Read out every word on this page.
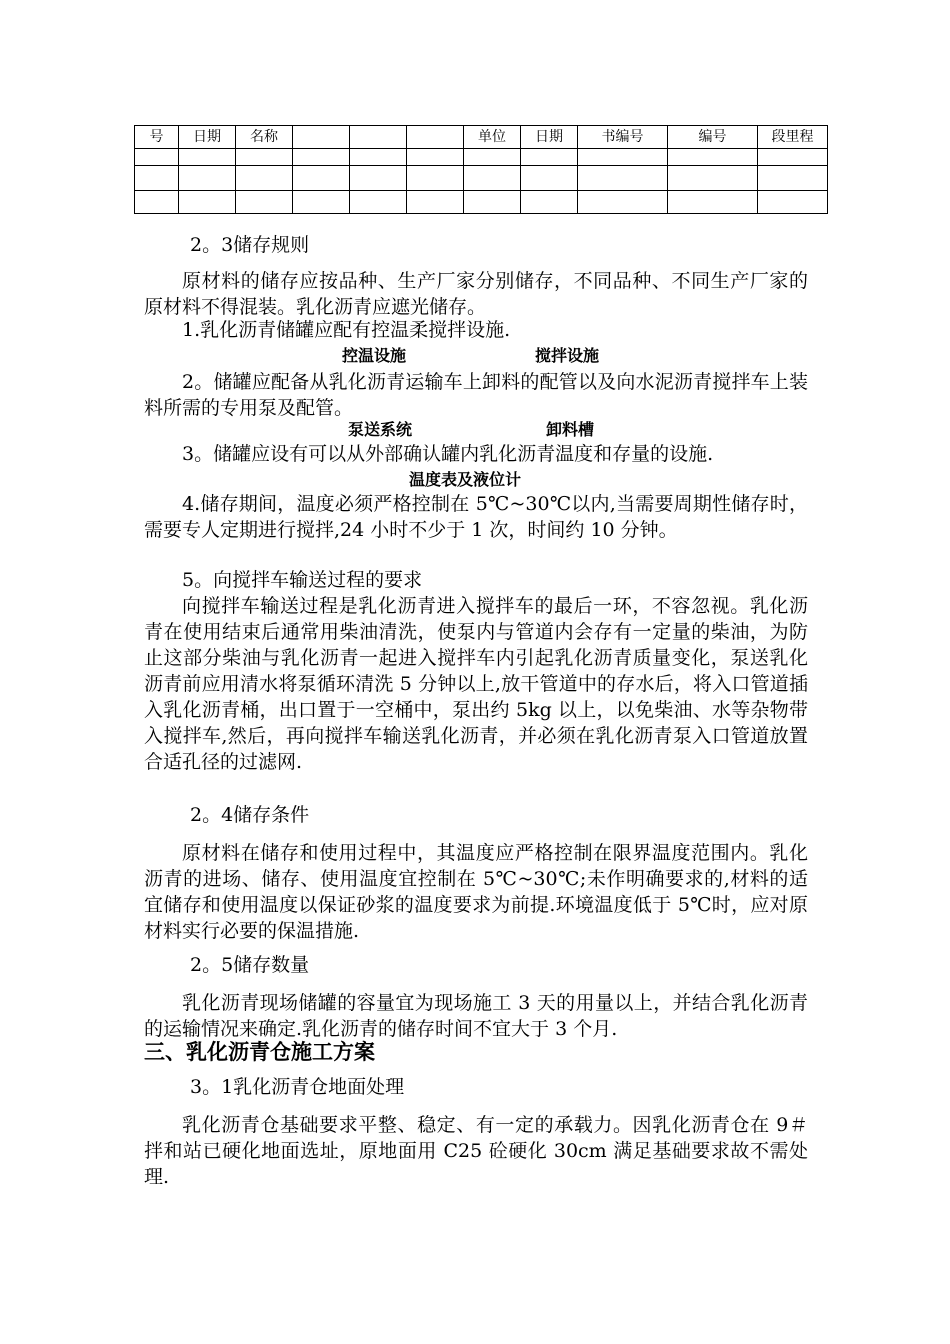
号	日期	名称				单位	日期	书编号	编号	段里程

2。3储存规则

原材料的储存应按品种、生产厂家分别储存，不同品种、不同生产厂家的原材料不得混装。乳化沥青应遮光储存。

1.乳化沥青储罐应配有控温柔搅拌设施.

控温设施	搅拌设施

2。储罐应配备从乳化沥青运输车上卸料的配管以及向水泥沥青搅拌车上装料所需的专用泵及配管。

泵送系统	卸料槽

3。储罐应设有可以从外部确认罐内乳化沥青温度和存量的设施.

温度表及液位计

4.储存期间，温度必须严格控制在 5℃~30℃以内,当需要周期性储存时，需要专人定期进行搅拌,24 小时不少于 1 次，时间约 10 分钟。

5。向搅拌车输送过程的要求

向搅拌车输送过程是乳化沥青进入搅拌车的最后一环，不容忽视。乳化沥青在使用结束后通常用柴油清洗，使泵内与管道内会存有一定量的柴油，为防止这部分柴油与乳化沥青一起进入搅拌车内引起乳化沥青质量变化，泵送乳化沥青前应用清水将泵循环清洗 5 分钟以上,放干管道中的存水后，将入口管道插入乳化沥青桶，出口置于一空桶中，泵出约 5kg 以上，以免柴油、水等杂物带入搅拌车,然后，再向搅拌车输送乳化沥青，并必须在乳化沥青泵入口管道放置合适孔径的过滤网.

2。4储存条件

原材料在储存和使用过程中，其温度应严格控制在限界温度范围内。乳化沥青的进场、储存、使用温度宜控制在 5℃~30℃;未作明确要求的,材料的适宜储存和使用温度以保证砂浆的温度要求为前提.环境温度低于 5℃时，应对原材料实行必要的保温措施.

2。5储存数量

乳化沥青现场储罐的容量宜为现场施工 3 天的用量以上，并结合乳化沥青的运输情况来确定.乳化沥青的储存时间不宜大于 3 个月.

三、乳化沥青仓施工方案
3。1乳化沥青仓地面处理

乳化沥青仓基础要求平整、稳定、有一定的承载力。因乳化沥青仓在 9＃拌和站已硬化地面选址，原地面用 C25 砼硬化 30cm 满足基础要求故不需处理.
